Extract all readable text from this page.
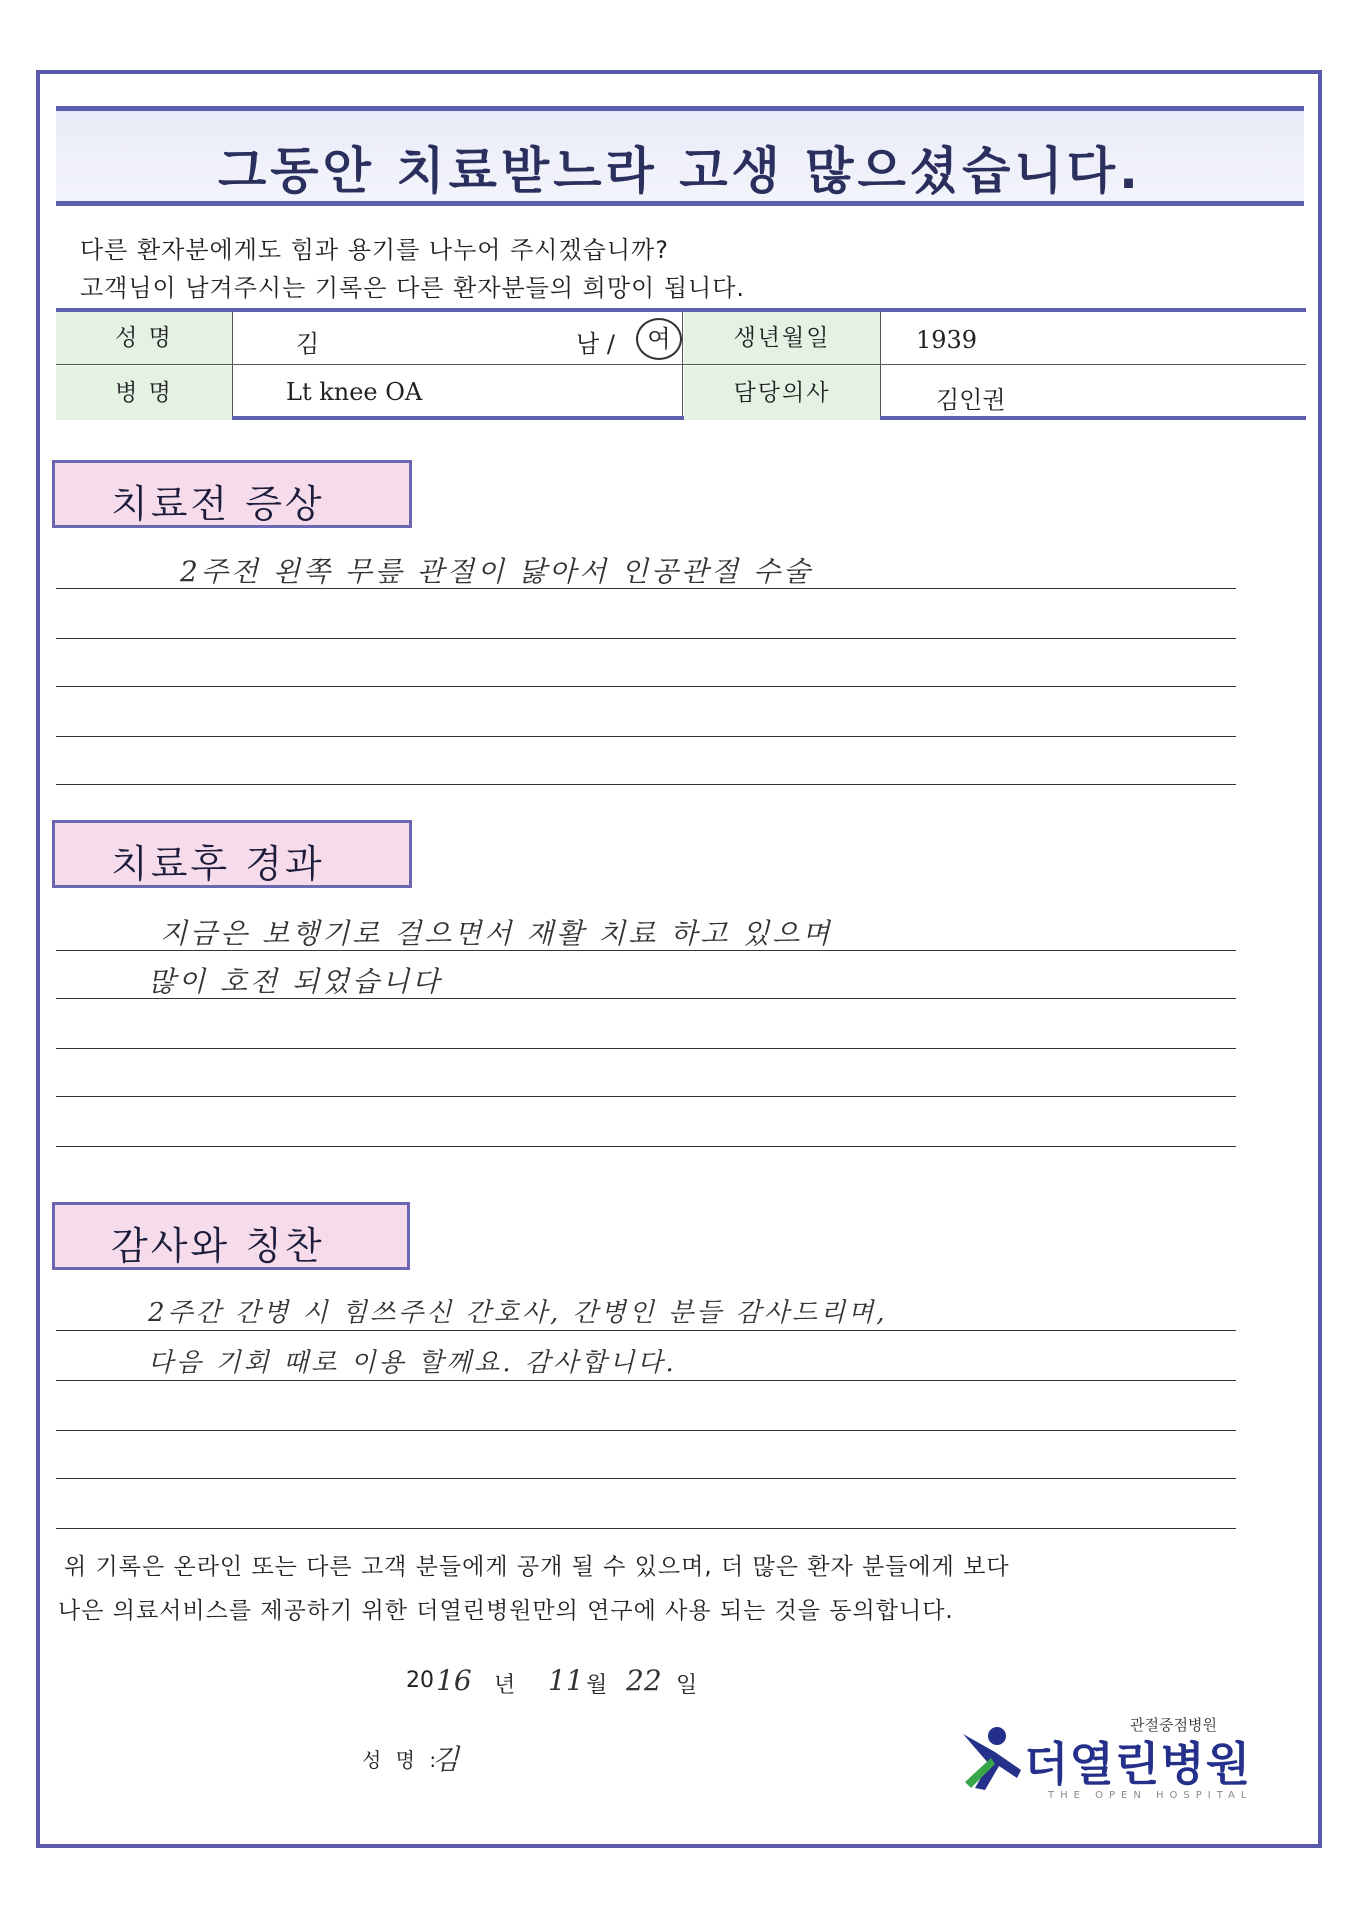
그동안 치료받느라 고생 많으셨습니다.
다른 환자분에게도 힘과 용기를 나누어 주시겠습니까?
고객님이 남겨주시는 기록은 다른 환자분들의 희망이 됩니다.
성 명
병 명
김	남 /	여
Lt knee OA
생년월일
담당의사
1939
김인권
치료전 증상
2주전 왼쪽 무릎 관절이 닳아서 인공관절 수술
치료후 경과
지금은 보행기로 걸으면서 재활 치료 하고 있으며
많이 호전 되었습니다
감사와 칭찬
2주간 간병 시 힘쓰주신 간호사, 간병인 분들 감사드리며,
다음 기회 때로 이용 할께요. 감사합니다.
위 기록은 온라인 또는 다른 고객 분들에게 공개 될 수 있으며, 더 많은 환자 분들에게 보다
나은 의료서비스를 제공하기 위한 더열린병원만의 연구에 사용 되는 것을 동의합니다.
20 16 년 11 월 22 일
성 명 :
김
관절중점병원
더열린병원
THE OPEN HOSPITAL
